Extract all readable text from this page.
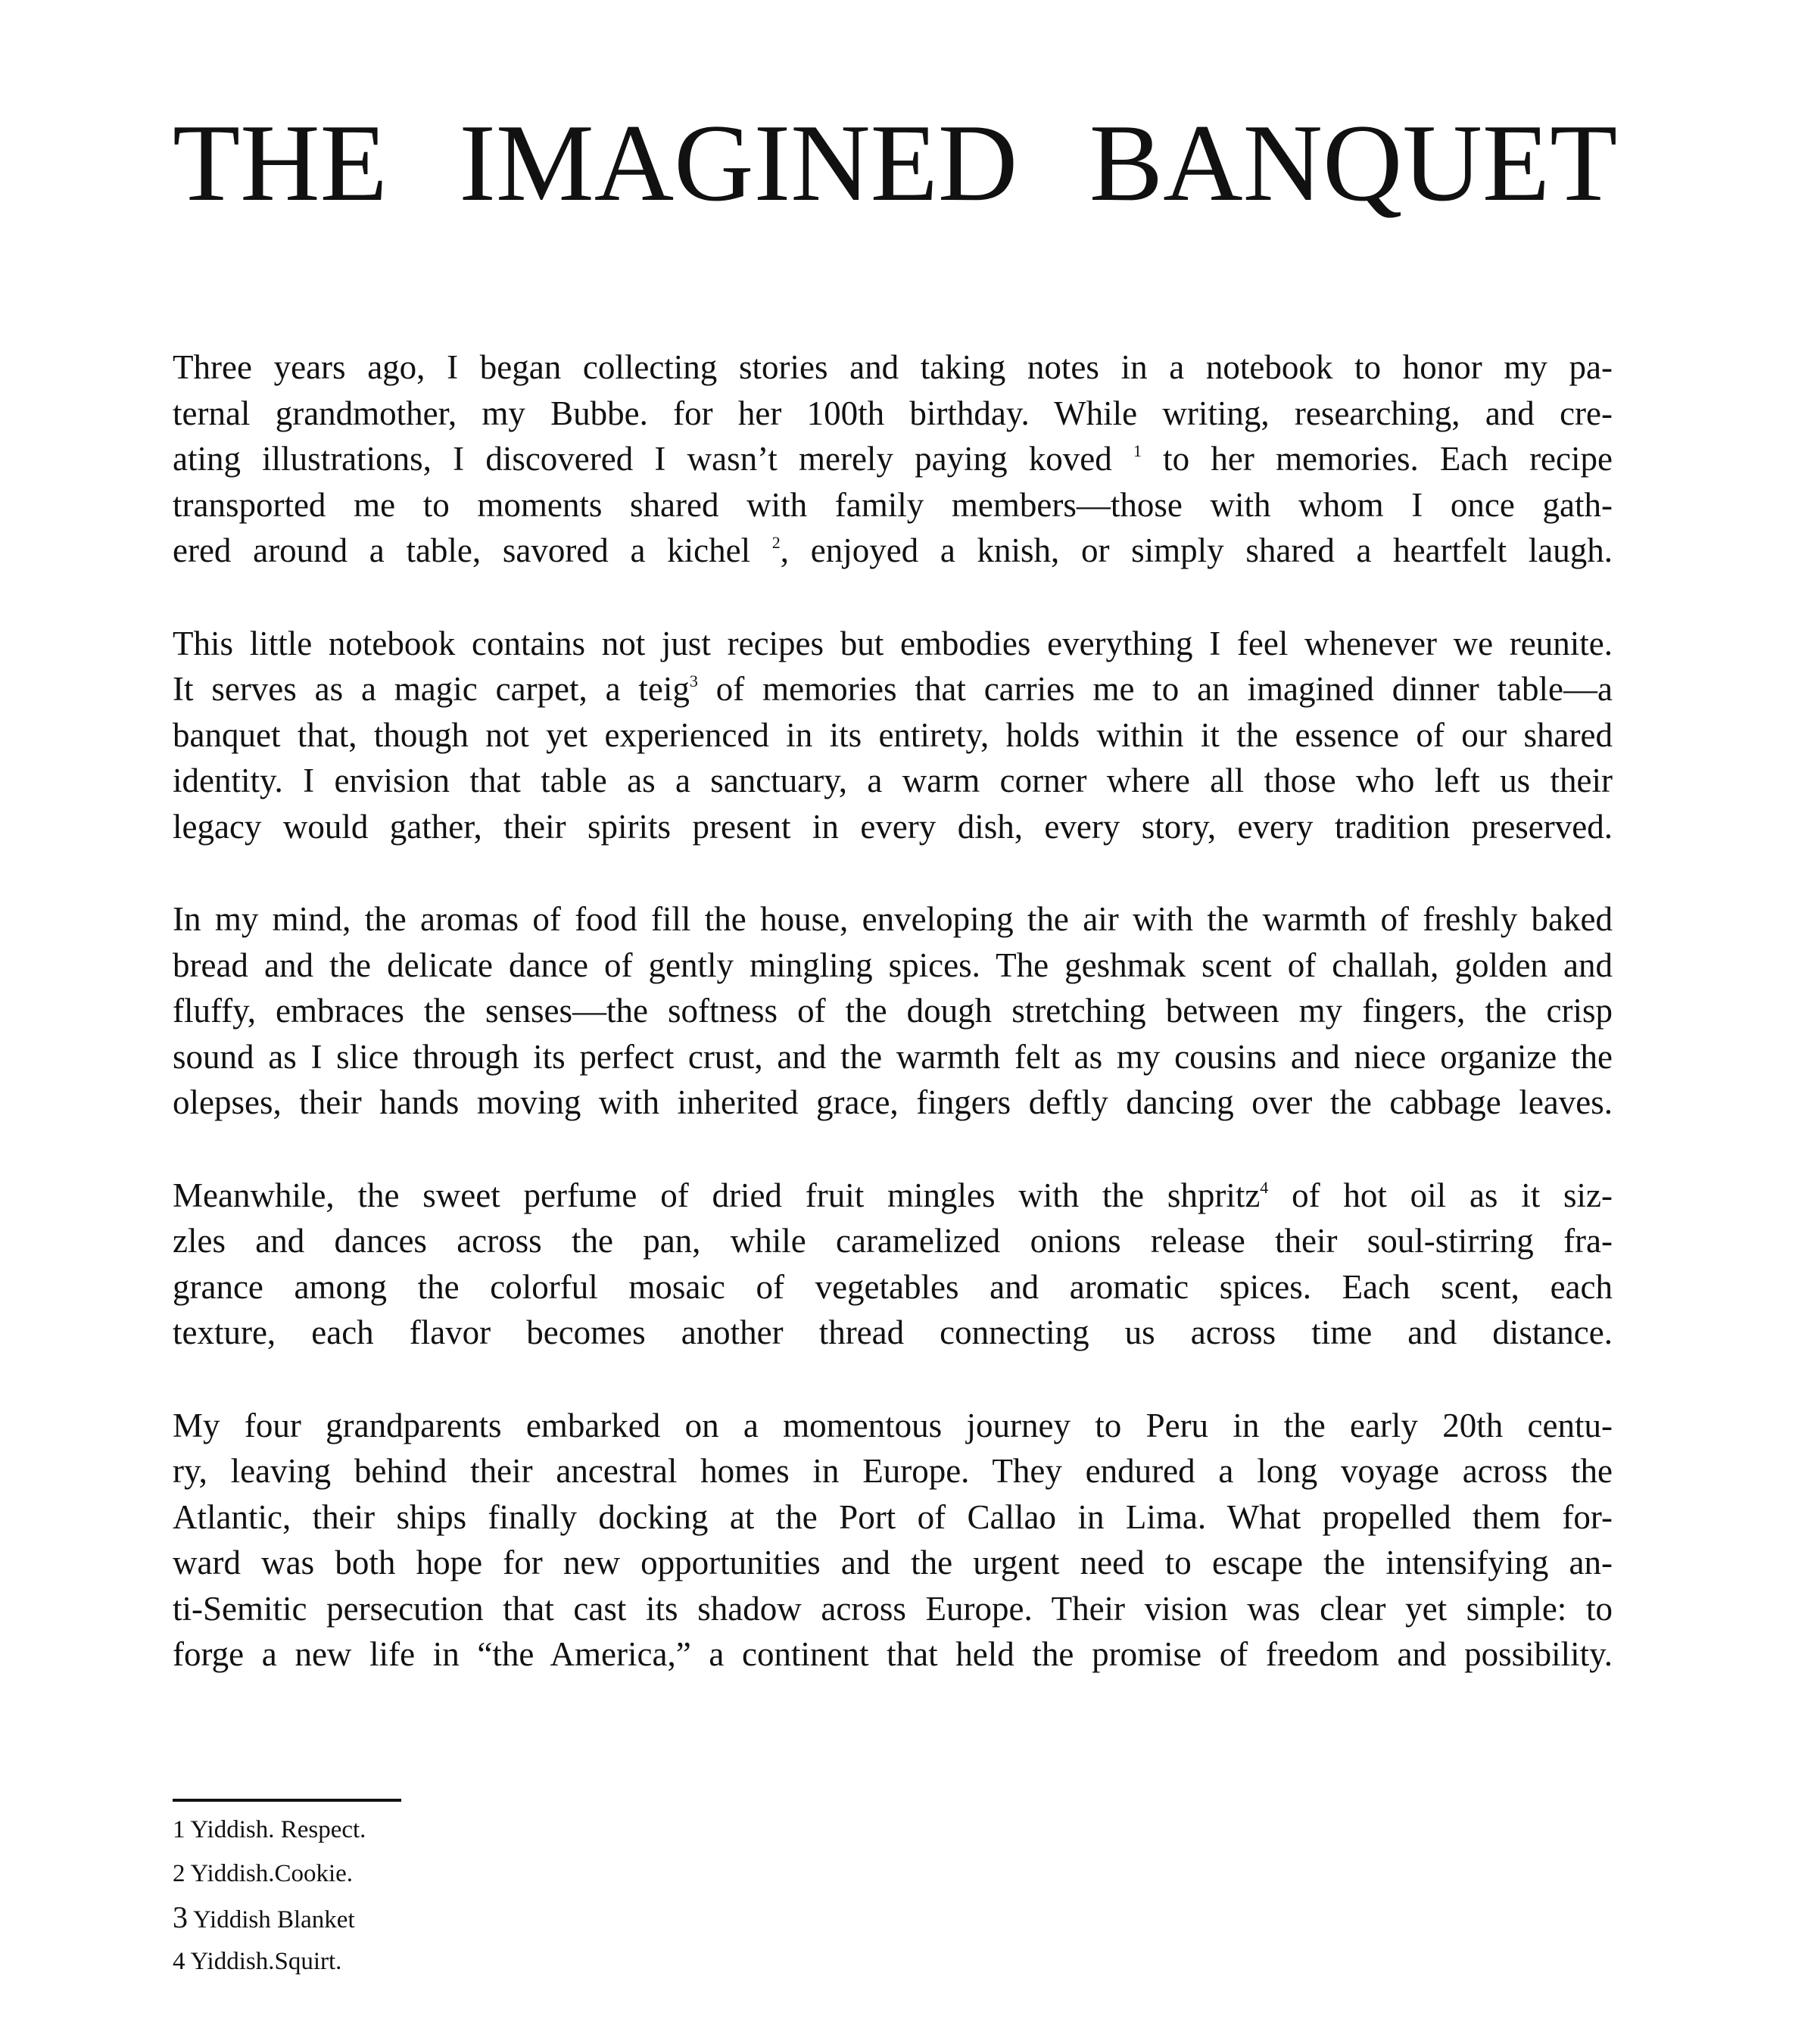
THE IMAGINED BANQUET

Three years ago, I began collecting stories and taking notes in a notebook to honor my pa-
ternal grandmother, my Bubbe. for her 100th birthday. While writing, researching, and cre-
ating illustrations, I discovered I wasn’t merely paying koved $^1$ to her memories. Each recipe
transported me to moments shared with family members—those with whom I once gath-
ered around a table, savored a kichel $^2$, enjoyed a knish, or simply shared a heartfelt laugh.

This little notebook contains not just recipes but embodies everything I feel whenever we reunite.
It serves as a magic carpet, a teig$^3$ of memories that carries me to an imagined dinner table—a
banquet that, though not yet experienced in its entirety, holds within it the essence of our shared
identity. I envision that table as a sanctuary, a warm corner where all those who left us their
legacy would gather, their spirits present in every dish, every story, every tradition preserved.

In my mind, the aromas of food fill the house, enveloping the air with the warmth of freshly baked
bread and the delicate dance of gently mingling spices. The geshmak scent of challah, golden and
fluffy, embraces the senses—the softness of the dough stretching between my fingers, the crisp
sound as I slice through its perfect crust, and the warmth felt as my cousins and niece organize the
olepses, their hands moving with inherited grace, fingers deftly dancing over the cabbage leaves.

Meanwhile, the sweet perfume of dried fruit mingles with the shpritz$^4$ of hot oil as it siz-
zles and dances across the pan, while caramelized onions release their soul-stirring fra-
grance among the colorful mosaic of vegetables and aromatic spices. Each scent, each
texture, each flavor becomes another thread connecting us across time and distance.

My four grandparents embarked on a momentous journey to Peru in the early 20th centu-
ry, leaving behind their ancestral homes in Europe. They endured a long voyage across the
Atlantic, their ships finally docking at the Port of Callao in Lima. What propelled them for-
ward was both hope for new opportunities and the urgent need to escape the intensifying an-
ti-Semitic persecution that cast its shadow across Europe. Their vision was clear yet simple: to
forge a new life in “the America,” a continent that held the promise of freedom and possibility.

1 Yiddish. Respect.
2 Yiddish.Cookie.
3 Yiddish Blanket
4 Yiddish.Squirt.
